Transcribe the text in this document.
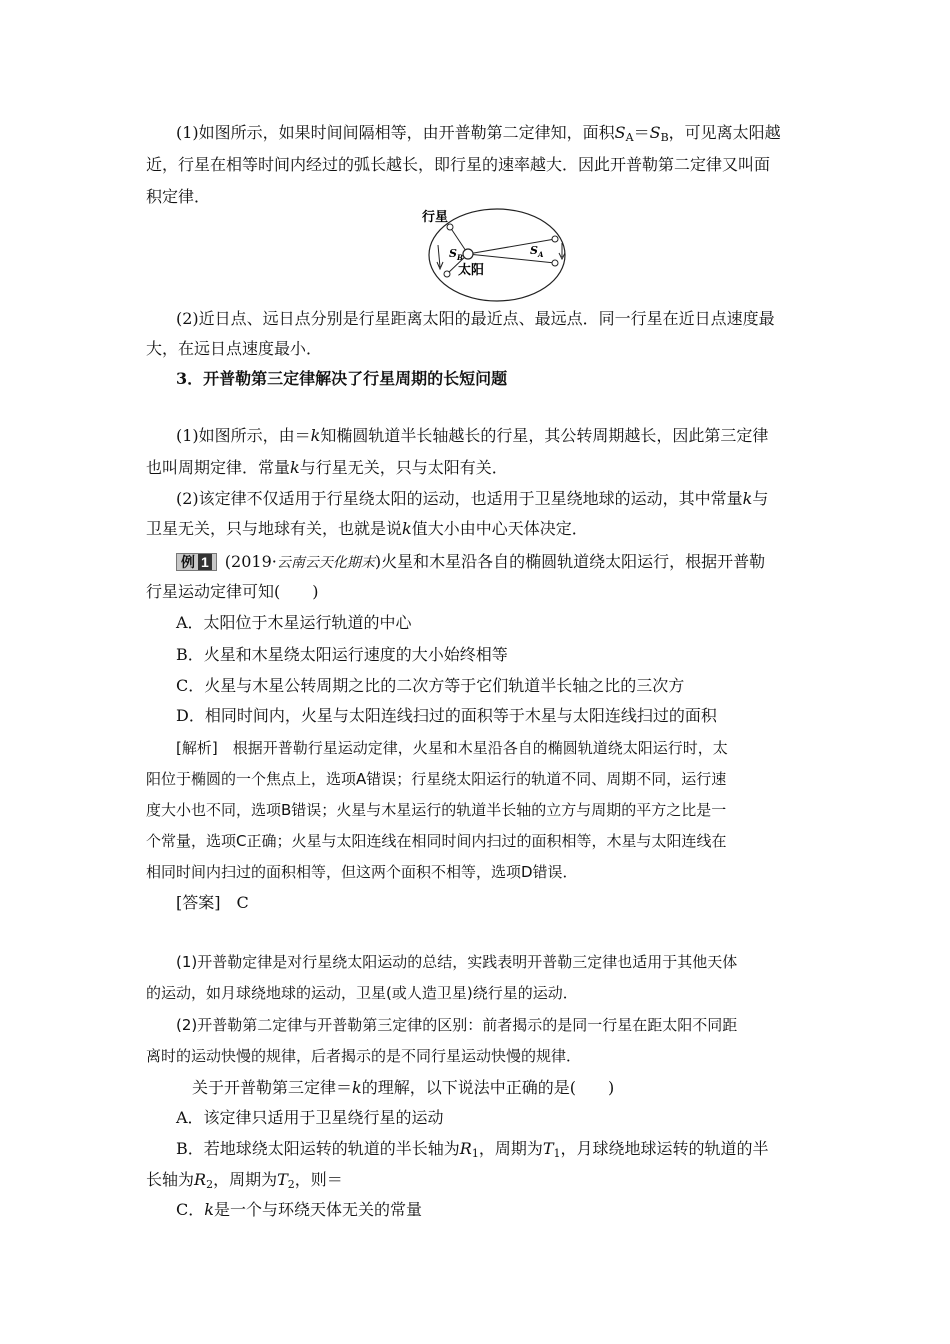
(1)如图所示，如果时间间隔相等，由开普勒第二定律知，面积$S_A=S_B$，可见离太阳越
近，行星在相等时间内经过的弧长越长，即行星的速率越大．因此开普勒第二定律又叫面
积定律．
行星
$S_B$
太阳
$S_A$
(2)近日点、远日点分别是行星距离太阳的最近点、最远点．同一行星在近日点速度最
大，在远日点速度最小．
3．开普勒第三定律解决了行星周期的长短问题
(1)如图所示，由＝k知椭圆轨道半长轴越长的行星，其公转周期越长，因此第三定律
也叫周期定律．常量k与行星无关，只与太阳有关．
(2)该定律不仅适用于行星绕太阳的运动，也适用于卫星绕地球的运动，其中常量k与
卫星无关，只与地球有关，也就是说k值大小由中心天体决定．
例 1 (2019·云南云天化期末)火星和木星沿各自的椭圆轨道绕太阳运行，根据开普勒
行星运动定律可知(　　)
A．太阳位于木星运行轨道的中心
B．火星和木星绕太阳运行速度的大小始终相等
C．火星与木星公转周期之比的二次方等于它们轨道半长轴之比的三次方
D．相同时间内，火星与太阳连线扫过的面积等于木星与太阳连线扫过的面积
[解析]　根据开普勒行星运动定律，火星和木星沿各自的椭圆轨道绕太阳运行时，太
阳位于椭圆的一个焦点上，选项A错误；行星绕太阳运行的轨道不同、周期不同，运行速
度大小也不同，选项B错误；火星与木星运行的轨道半长轴的立方与周期的平方之比是一
个常量，选项C正确；火星与太阳连线在相同时间内扫过的面积相等，木星与太阳连线在
相同时间内扫过的面积相等，但这两个面积不相等，选项D错误．
[答案]　C
(1)开普勒定律是对行星绕太阳运动的总结，实践表明开普勒三定律也适用于其他天体
的运动，如月球绕地球的运动，卫星(或人造卫星)绕行星的运动．
(2)开普勒第二定律与开普勒第三定律的区别：前者揭示的是同一行星在距太阳不同距
离时的运动快慢的规律，后者揭示的是不同行星运动快慢的规律．
关于开普勒第三定律＝k的理解，以下说法中正确的是(　　)
A．该定律只适用于卫星绕行星的运动
B．若地球绕太阳运转的轨道的半长轴为$R_1$，周期为$T_1$，月球绕地球运转的轨道的半
长轴为$R_2$，周期为$T_2$，则＝
C．k是一个与环绕天体无关的常量
